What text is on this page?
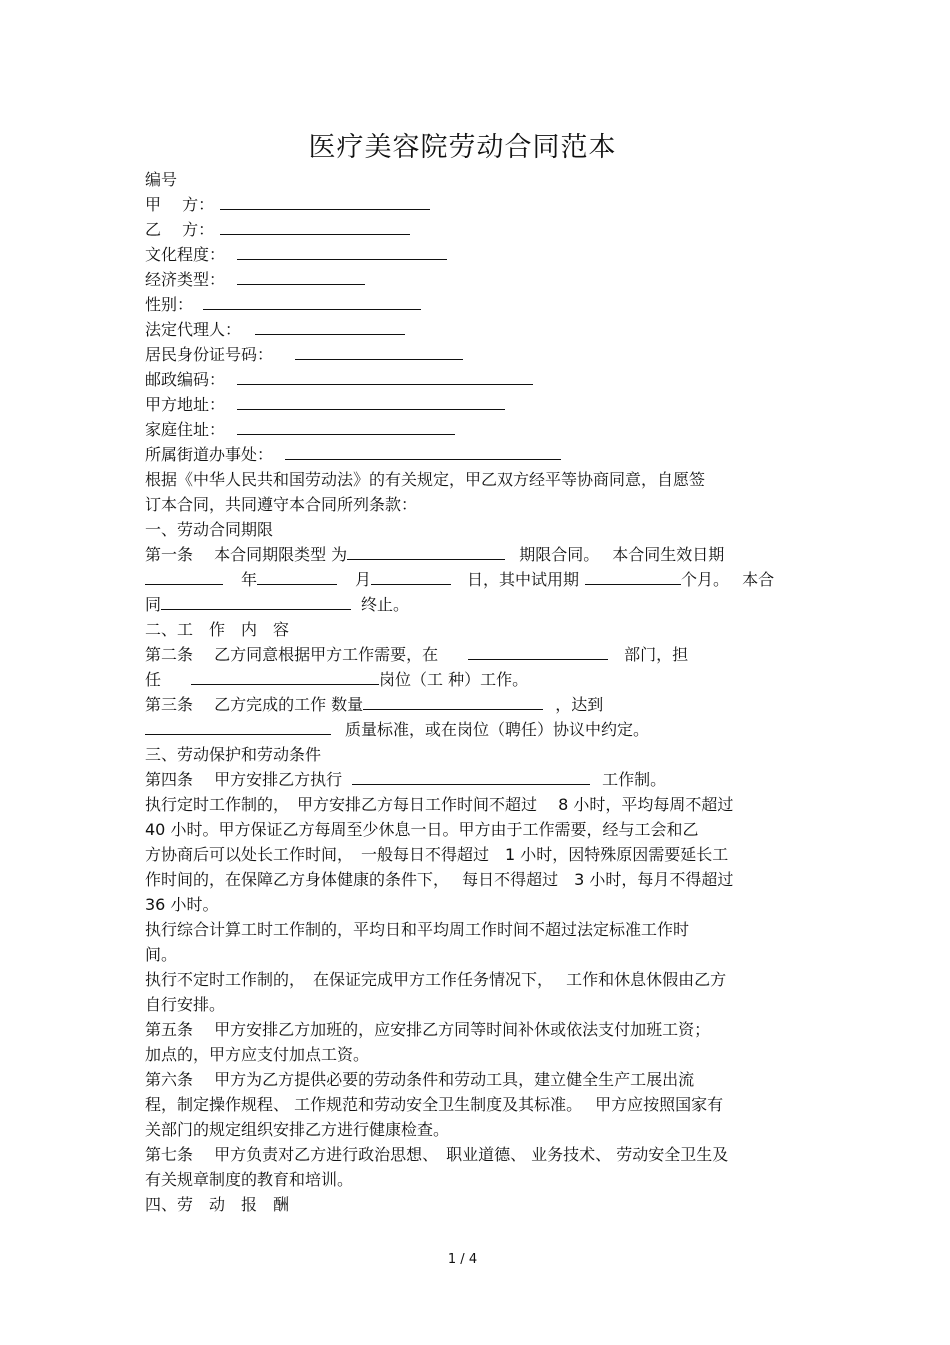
医疗美容院劳动合同范本
编号
甲　 方：
乙　 方：
文化程度：
经济类型：
性别：
法定代理人：
居民身份证号码：
邮政编码：
甲方地址：
家庭住址：
所属街道办事处：
根据《中华人民共和国劳动法》的有关规定，甲乙双方经平等协商同意，自愿签
订本合同，共同遵守本合同所列条款：
一、劳动合同期限
第一条　 本合同期限类型 为	期限合同。　 本合同生效日期
年	月	日，其中试用期	个月。　 本合
同	终止。
二、工　作　内　容
第二条　 乙方同意根据甲方工作需要，在	部门，担
任	岗位（工 种）工作。
第三条　 乙方完成的工作 数量	，达到
质量标准，或在岗位（聘任）协议中约定。
三、劳动保护和劳动条件
第四条　 甲方安排乙方执行	工作制。
执行定时工作制的，　甲方安排乙方每日工作时间不超过　 8 小时，平均每周不超过
40 小时。甲方保证乙方每周至少休息一日。甲方由于工作需要，经与工会和乙
方协商后可以处长工作时间，　一般每日不得超过　1 小时，因特殊原因需要延长工
作时间的，在保障乙方身体健康的条件下，　 每日不得超过　3 小时，每月不得超过
36 小时。
执行综合计算工时工作制的，平均日和平均周工作时间不超过法定标准工作时
间。
执行不定时工作制的，　在保证完成甲方工作任务情况下，　 工作和休息休假由乙方
自行安排。
第五条　 甲方安排乙方加班的，应安排乙方同等时间补休或依法支付加班工资；
加点的，甲方应支付加点工资。
第六条　 甲方为乙方提供必要的劳动条件和劳动工具，建立健全生产工展出流
程，制定操作规程、 工作规范和劳动安全卫生制度及其标准。　 甲方应按照国家有
关部门的规定组织安排乙方进行健康检查。
第七条　 甲方负责对乙方进行政治思想、　职业道德、 业务技术、 劳动安全卫生及
有关规章制度的教育和培训。
四、劳　动　报　酬
1 / 4
